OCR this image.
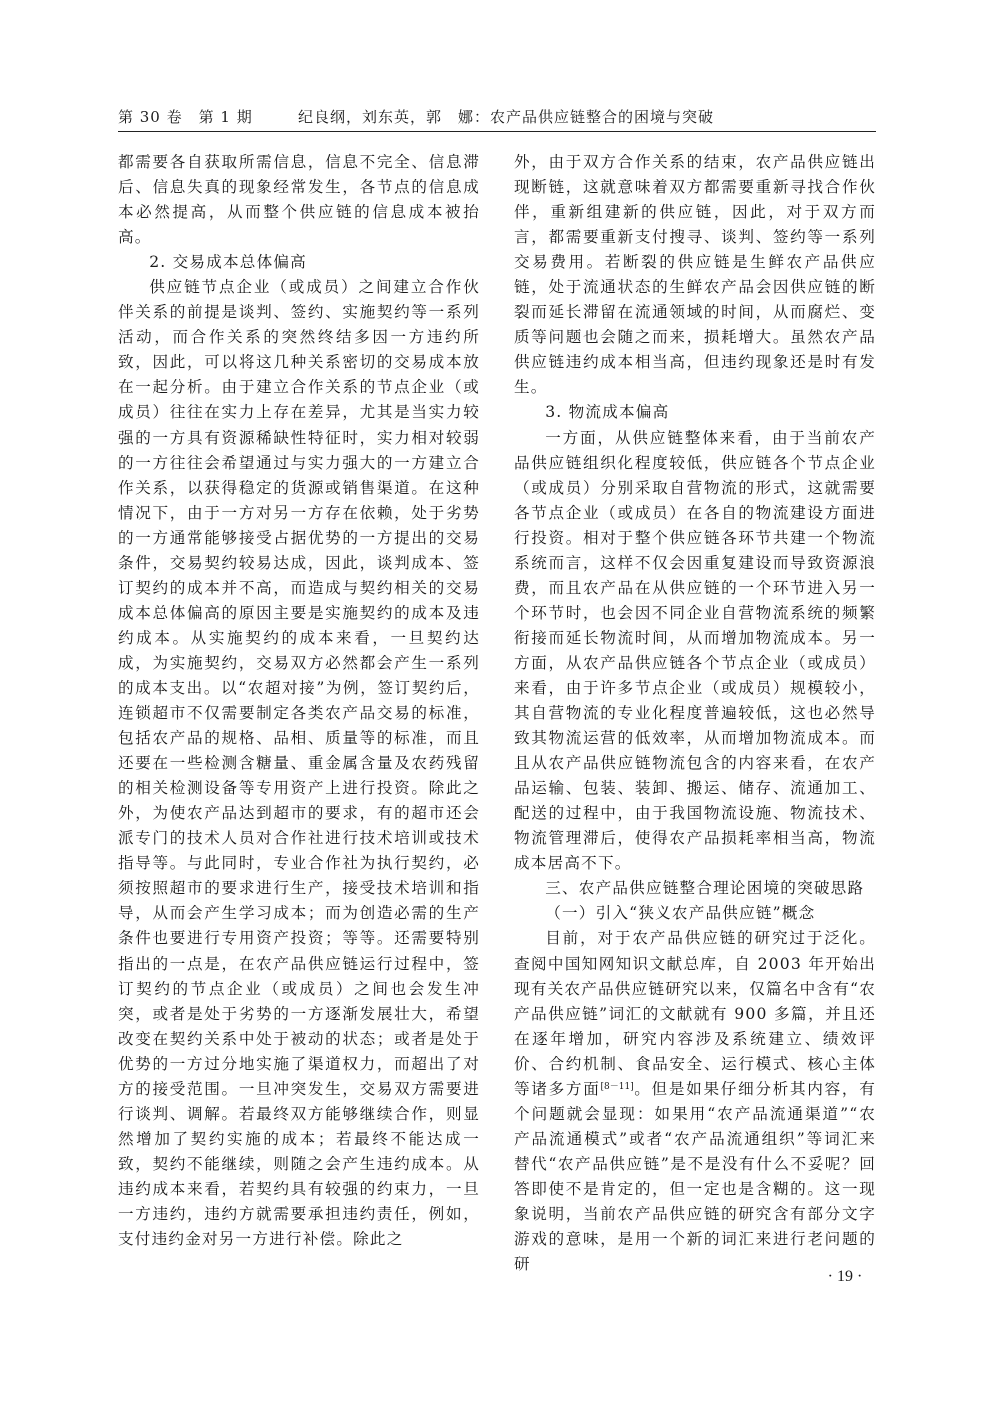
第 30 卷　第 1 期	纪良纲，刘东英，郭　娜：农产品供应链整合的困境与突破

都需要各自获取所需信息，信息不完全、信息滞后、信息失真的现象经常发生，各节点的信息成本必然提高，从而整个供应链的信息成本被抬高。

2. 交易成本总体偏高

供应链节点企业（或成员）之间建立合作伙伴关系的前提是谈判、签约、实施契约等一系列活动，而合作关系的突然终结多因一方违约所致，因此，可以将这几种关系密切的交易成本放在一起分析。由于建立合作关系的节点企业（或成员）往往在实力上存在差异，尤其是当实力较强的一方具有资源稀缺性特征时，实力相对较弱的一方往往会希望通过与实力强大的一方建立合作关系，以获得稳定的货源或销售渠道。在这种情况下，由于一方对另一方存在依赖，处于劣势的一方通常能够接受占据优势的一方提出的交易条件，交易契约较易达成，因此，谈判成本、签订契约的成本并不高，而造成与契约相关的交易成本总体偏高的原因主要是实施契约的成本及违约成本。从实施契约的成本来看，一旦契约达成，为实施契约，交易双方必然都会产生一系列的成本支出。以“农超对接”为例，签订契约后，连锁超市不仅需要制定各类农产品交易的标准，包括农产品的规格、品相、质量等的标准，而且还要在一些检测含糖量、重金属含量及农药残留的相关检测设备等专用资产上进行投资。除此之外，为使农产品达到超市的要求，有的超市还会派专门的技术人员对合作社进行技术培训或技术指导等。与此同时，专业合作社为执行契约，必须按照超市的要求进行生产，接受技术培训和指导，从而会产生学习成本；而为创造必需的生产条件也要进行专用资产投资；等等。还需要特别指出的一点是，在农产品供应链运行过程中，签订契约的节点企业（或成员）之间也会发生冲突，或者是处于劣势的一方逐渐发展壮大，希望改变在契约关系中处于被动的状态；或者是处于优势的一方过分地实施了渠道权力，而超出了对方的接受范围。一旦冲突发生，交易双方需要进行谈判、调解。若最终双方能够继续合作，则显然增加了契约实施的成本；若最终不能达成一致，契约不能继续，则随之会产生违约成本。从违约成本来看，若契约具有较强的约束力，一旦一方违约，违约方就需要承担违约责任，例如，支付违约金对另一方进行补偿。除此之

外，由于双方合作关系的结束，农产品供应链出现断链，这就意味着双方都需要重新寻找合作伙伴，重新组建新的供应链，因此，对于双方而言，都需要重新支付搜寻、谈判、签约等一系列交易费用。若断裂的供应链是生鲜农产品供应链，处于流通状态的生鲜农产品会因供应链的断裂而延长滞留在流通领域的时间，从而腐烂、变质等问题也会随之而来，损耗增大。虽然农产品供应链违约成本相当高，但违约现象还是时有发生。

3. 物流成本偏高

一方面，从供应链整体来看，由于当前农产品供应链组织化程度较低，供应链各个节点企业（或成员）分别采取自营物流的形式，这就需要各节点企业（或成员）在各自的物流建设方面进行投资。相对于整个供应链各环节共建一个物流系统而言，这样不仅会因重复建设而导致资源浪费，而且农产品在从供应链的一个环节进入另一个环节时，也会因不同企业自营物流系统的频繁衔接而延长物流时间，从而增加物流成本。另一方面，从农产品供应链各个节点企业（或成员）来看，由于许多节点企业（或成员）规模较小，其自营物流的专业化程度普遍较低，这也必然导致其物流运营的低效率，从而增加物流成本。而且从农产品供应链物流包含的内容来看，在农产品运输、包装、装卸、搬运、储存、流通加工、配送的过程中，由于我国物流设施、物流技术、物流管理滞后，使得农产品损耗率相当高，物流成本居高不下。

三、农产品供应链整合理论困境的突破思路

（一）引入“狭义农产品供应链”概念

目前，对于农产品供应链的研究过于泛化。查阅中国知网知识文献总库，自 2003 年开始出现有关农产品供应链研究以来，仅篇名中含有“农产品供应链”词汇的文献就有 900 多篇，并且还在逐年增加，研究内容涉及系统建立、绩效评价、合约机制、食品安全、运行模式、核心主体等诸多方面[8－11]。但是如果仔细分析其内容，有个问题就会显现：如果用“农产品流通渠道”“农产品流通模式”或者“农产品流通组织”等词汇来替代“农产品供应链”是不是没有什么不妥呢？回答即使不是肯定的，但一定也是含糊的。这一现象说明，当前农产品供应链的研究含有部分文字游戏的意味，是用一个新的词汇来进行老问题的研

· 19 ·
